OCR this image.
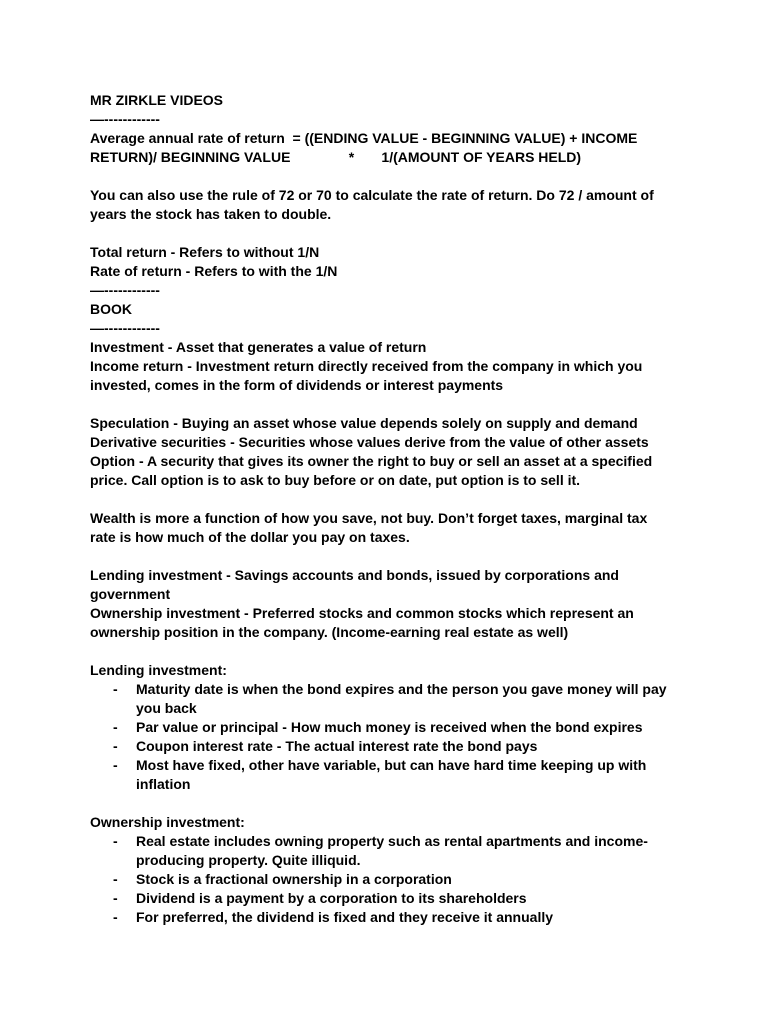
MR ZIRKLE VIDEOS
—------------
Average annual rate of return  = ((ENDING VALUE - BEGINNING VALUE) + INCOME
RETURN)/ BEGINNING VALUE               *       1/(AMOUNT OF YEARS HELD)
You can also use the rule of 72 or 70 to calculate the rate of return. Do 72 / amount of years the stock has taken to double.
Total return - Refers to without 1/N
Rate of return - Refers to with the 1/N
—------------
BOOK
—------------
Investment - Asset that generates a value of return
Income return - Investment return directly received from the company in which you invested, comes in the form of dividends or interest payments
Speculation - Buying an asset whose value depends solely on supply and demand
Derivative securities - Securities whose values derive from the value of other assets
Option - A security that gives its owner the right to buy or sell an asset at a specified price. Call option is to ask to buy before or on date, put option is to sell it.
Wealth is more a function of how you save, not buy. Don’t forget taxes, marginal tax rate is how much of the dollar you pay on taxes.
Lending investment - Savings accounts and bonds, issued by corporations and government
Ownership investment - Preferred stocks and common stocks which represent an ownership position in the company. (Income-earning real estate as well)
Lending investment:
- Maturity date is when the bond expires and the person you gave money will pay you back
- Par value or principal - How much money is received when the bond expires
- Coupon interest rate - The actual interest rate the bond pays
- Most have fixed, other have variable, but can have hard time keeping up with inflation
Ownership investment:
- Real estate includes owning property such as rental apartments and income-producing property. Quite illiquid.
- Stock is a fractional ownership in a corporation
- Dividend is a payment by a corporation to its shareholders
- For preferred, the dividend is fixed and they receive it annually
